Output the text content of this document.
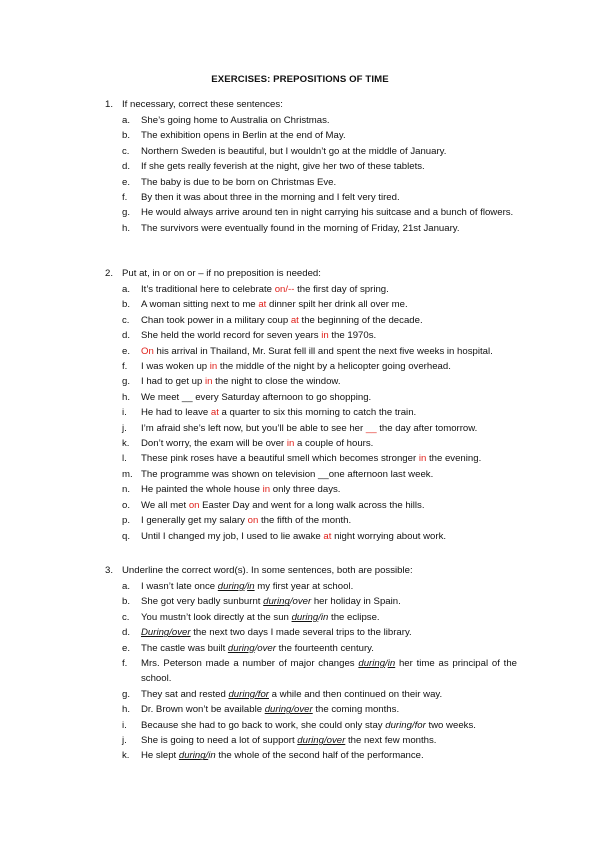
EXERCISES: PREPOSITIONS OF TIME
1. If necessary, correct these sentences:
a. She’s going home to Australia on Christmas.
b. The exhibition opens in Berlin at the end of May.
c. Northern Sweden is beautiful, but I wouldn’t go at the middle of January.
d. If she gets really feverish at the night, give her two of these tablets.
e. The baby is due to be born on Christmas Eve.
f. By then it was about three in the morning and I felt very tired.
g. He would always arrive around ten in night carrying his suitcase and a bunch of flowers.
h. The survivors were eventually found in the morning of Friday, 21st January.
2. Put at, in or on or – if no preposition is needed:
a. It’s traditional here to celebrate on/-- the first day of spring.
b. A woman sitting next to me at dinner spilt her drink all over me.
c. Chan took power in a military coup at the beginning of the decade.
d. She held the world record for seven years in the 1970s.
e. On his arrival in Thailand, Mr. Surat fell ill and spent the next five weeks in hospital.
f. I was woken up in the middle of the night by a helicopter going overhead.
g. I had to get up in the night to close the window.
h. We meet __ every Saturday afternoon to go shopping.
i. He had to leave at a quarter to six this morning to catch the train.
j. I’m afraid she’s left now, but you’ll be able to see her __ the day after tomorrow.
k. Don’t worry, the exam will be over in a couple of hours.
l. These pink roses have a beautiful smell which becomes stronger in the evening.
m. The programme was shown on television __one afternoon last week.
n. He painted the whole house in only three days.
o. We all met on Easter Day and went for a long walk across the hills.
p. I generally get my salary on the fifth of the month.
q. Until I changed my job, I used to lie awake at night worrying about work.
3. Underline the correct word(s). In some sentences, both are possible:
a. I wasn’t late once during/in my first year at school.
b. She got very badly sunburnt during/over her holiday in Spain.
c. You mustn’t look directly at the sun during/in the eclipse.
d. During/over the next two days I made several trips to the library.
e. The castle was built during/over the fourteenth century.
f. Mrs. Peterson made a number of major changes during/in her time as principal of the school.
g. They sat and rested during/for a while and then continued on their way.
h. Dr. Brown won’t be available during/over the coming months.
i. Because she had to go back to work, she could only stay during/for two weeks.
j. She is going to need a lot of support during/over the next few months.
k. He slept during/in the whole of the second half of the performance.
